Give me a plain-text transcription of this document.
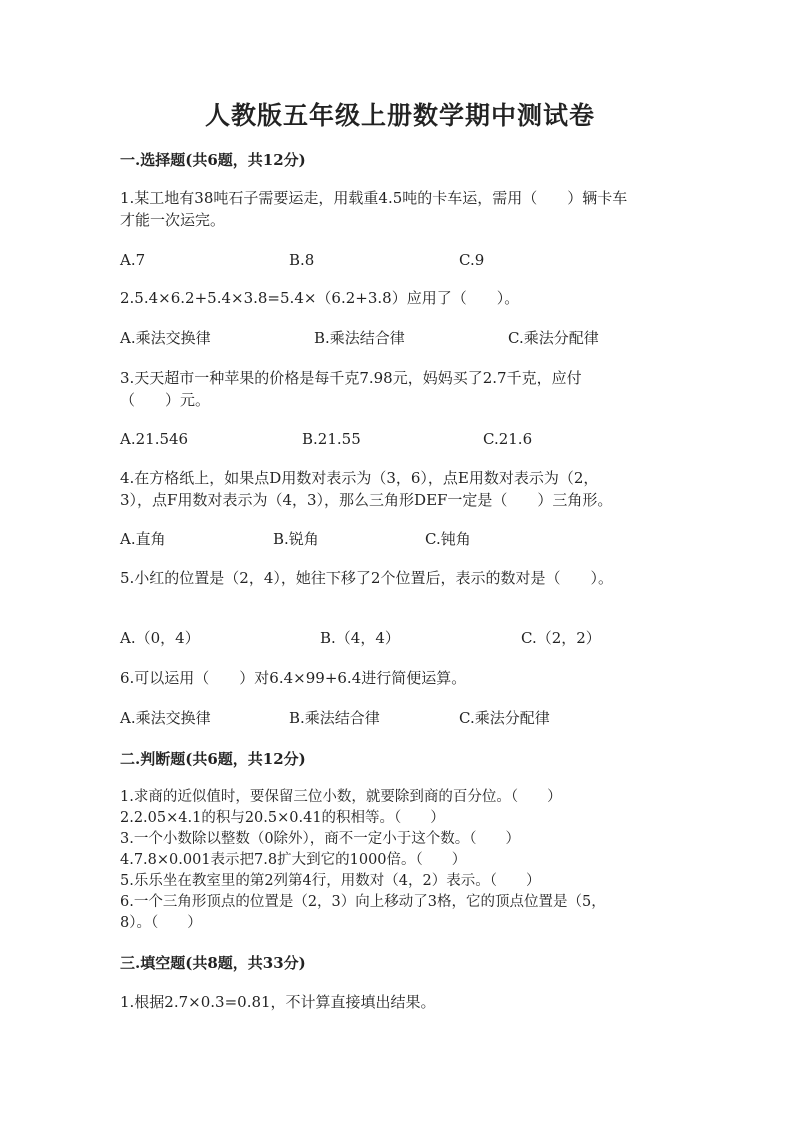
人教版五年级上册数学期中测试卷
一.选择题(共6题，共12分)
1.某工地有38吨石子需要运走，用载重4.5吨的卡车运，需用（　　）辆卡车
才能一次运完。
A.7	B.8	C.9
2.5.4×6.2+5.4×3.8=5.4×（6.2+3.8）应用了（　　）。
A.乘法交换律	B.乘法结合律	C.乘法分配律
3.天天超市一种苹果的价格是每千克7.98元，妈妈买了2.7千克，应付
（　　）元。
A.21.546	B.21.55	C.21.6
4.在方格纸上，如果点D用数对表示为（3，6），点E用数对表示为（2，
3），点F用数对表示为（4，3），那么三角形DEF一定是（　　）三角形。
A.直角	B.锐角	C.钝角
5.小红的位置是（2，4），她往下移了2个位置后，表示的数对是（　　）。
A.（0，4）	B.（4，4）	C.（2，2）
6.可以运用（　　）对6.4×99+6.4进行简便运算。
A.乘法交换律	B.乘法结合律	C.乘法分配律
二.判断题(共6题，共12分)
1.求商的近似值时，要保留三位小数，就要除到商的百分位。（　　）
2.2.05×4.1的积与20.5×0.41的积相等。（　　）
3.一个小数除以整数（0除外），商不一定小于这个数。（　　）
4.7.8×0.001表示把7.8扩大到它的1000倍。（　　）
5.乐乐坐在教室里的第2列第4行，用数对（4，2）表示。（　　）
6.一个三角形顶点的位置是（2，3）向上移动了3格，它的顶点位置是（5，
8）。（　　）
三.填空题(共8题，共33分)
1.根据2.7×0.3=0.81，不计算直接填出结果。
